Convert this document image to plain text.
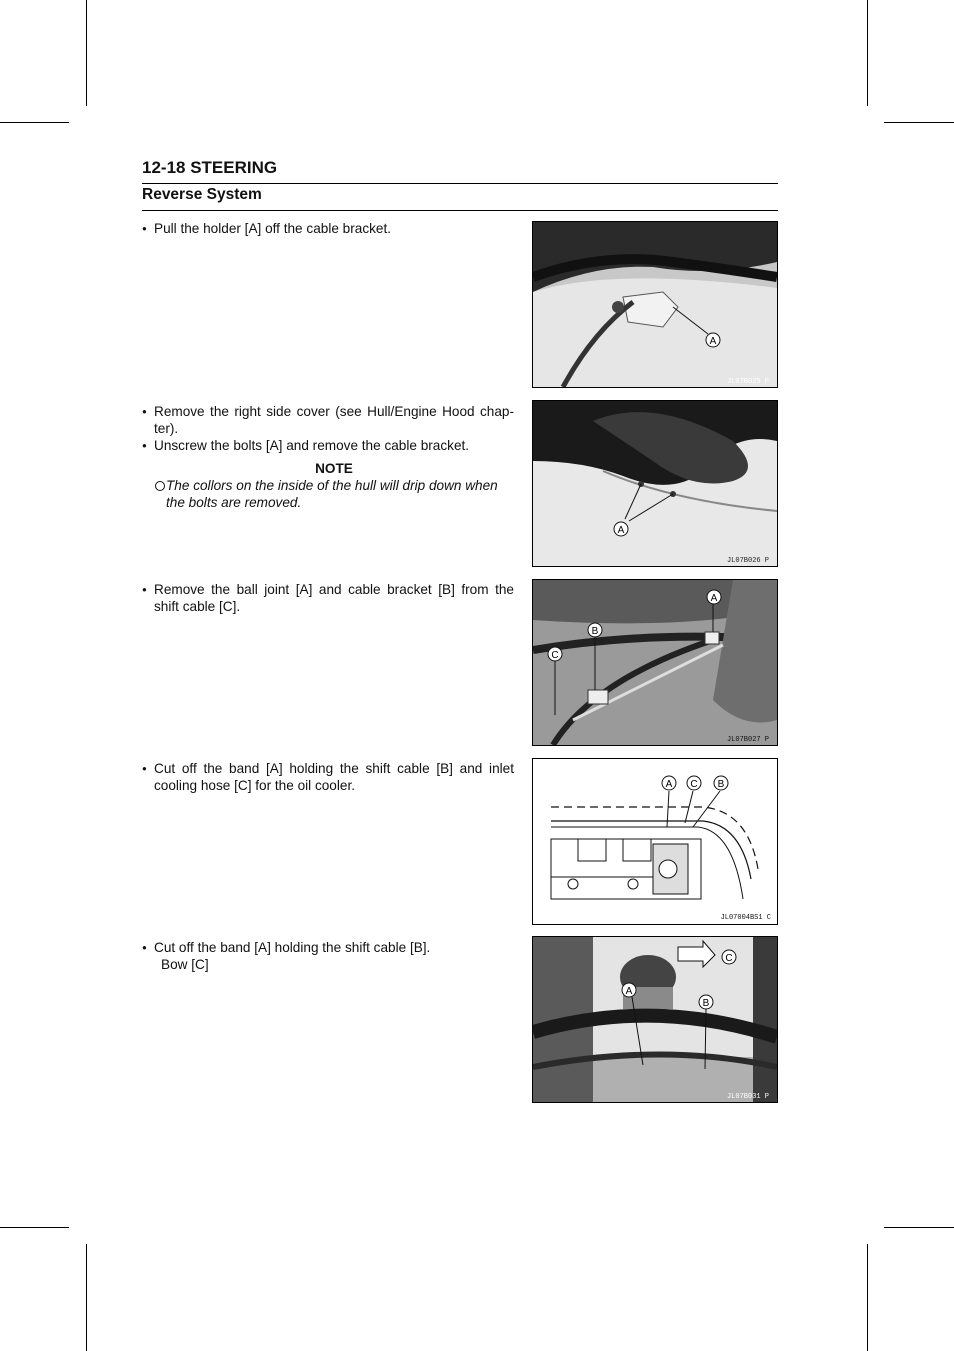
12-18 STEERING
Reverse System
● Pull the holder [A] off the cable bracket.
A
JL07B025 P
● Remove the right side cover (see Hull/Engine Hood chap-ter).
● Unscrew the bolts [A] and remove the cable bracket.
NOTE
The collors on the inside of the hull will drip down when the bolts are removed.
A
JL07B026 P
● Remove the ball joint [A] and cable bracket [B] from the shift cable [C].
A
B
C
JL07B027 P
● Cut off the band [A] holding the shift cable [B] and inlet cooling hose [C] for the oil cooler.	A C B
JL07004BS1 C
● Cut off the band [A] holding the shift cable [B].
Bow [C]
A
B
C
JL07B031 P
